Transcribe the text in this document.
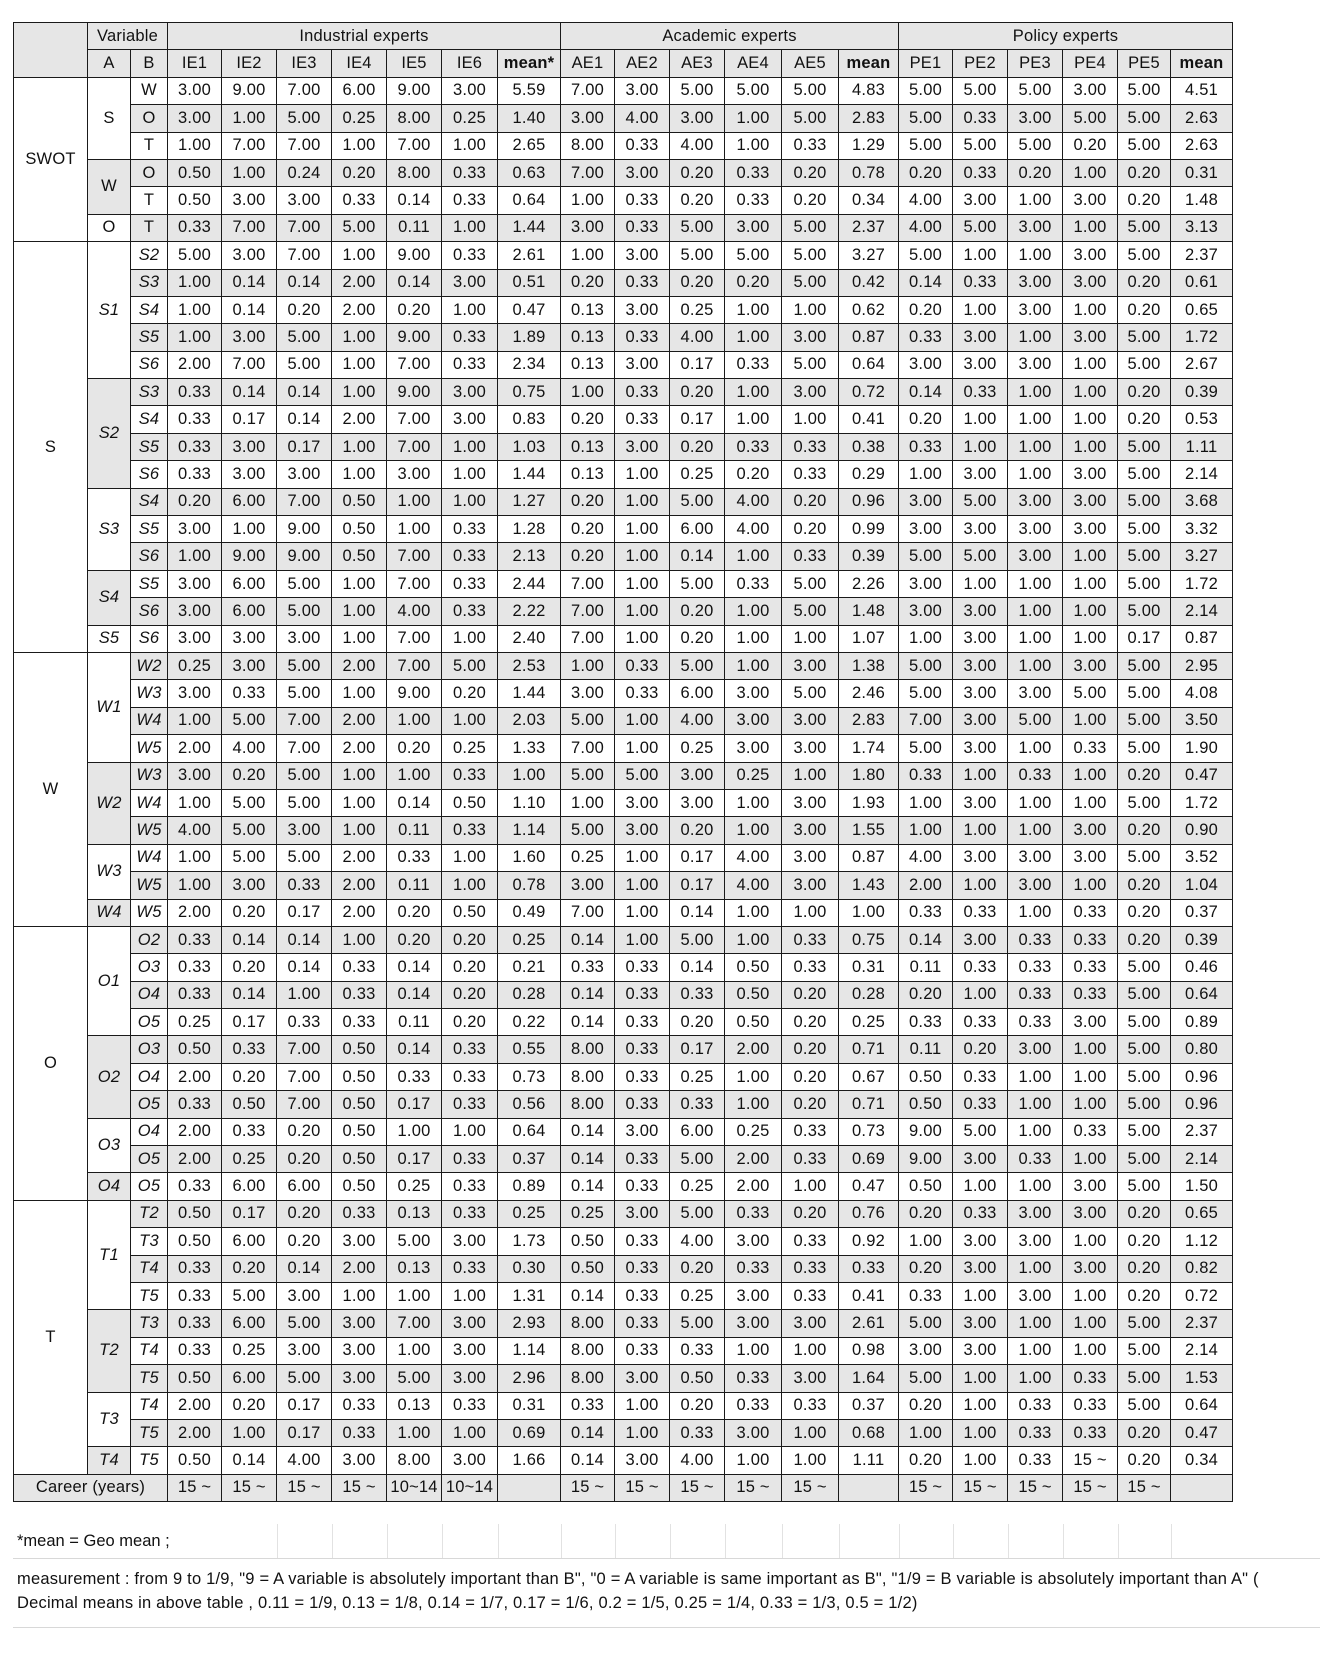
	Variable		Industrial experts							Academic experts						Policy experts					
	A	B	IE1	IE2	IE3	IE4	IE5	IE6	mean*	AE1	AE2	AE3	AE4	AE5	mean	PE1	PE2	PE3	PE4	PE5	mean
SWOT	S	W	3.00	9.00	7.00	6.00	9.00	3.00	5.59	7.00	3.00	5.00	5.00	5.00	4.83	5.00	5.00	5.00	3.00	5.00	4.51
		O	3.00	1.00	5.00	0.25	8.00	0.25	1.40	3.00	4.00	3.00	1.00	5.00	2.83	5.00	0.33	3.00	5.00	5.00	2.63
		T	1.00	7.00	7.00	1.00	7.00	1.00	2.65	8.00	0.33	4.00	1.00	0.33	1.29	5.00	5.00	5.00	0.20	5.00	2.63
	W	O	0.50	1.00	0.24	0.20	8.00	0.33	0.63	7.00	3.00	0.20	0.33	0.20	0.78	0.20	0.33	0.20	1.00	0.20	0.31
		T	0.50	3.00	3.00	0.33	0.14	0.33	0.64	1.00	0.33	0.20	0.33	0.20	0.34	4.00	3.00	1.00	3.00	0.20	1.48
	O	T	0.33	7.00	7.00	5.00	0.11	1.00	1.44	3.00	0.33	5.00	3.00	5.00	2.37	4.00	5.00	3.00	1.00	5.00	3.13
S	S1	S2	5.00	3.00	7.00	1.00	9.00	0.33	2.61	1.00	3.00	5.00	5.00	5.00	3.27	5.00	1.00	1.00	3.00	5.00	2.37
		S3	1.00	0.14	0.14	2.00	0.14	3.00	0.51	0.20	0.33	0.20	0.20	5.00	0.42	0.14	0.33	3.00	3.00	0.20	0.61
		S4	1.00	0.14	0.20	2.00	0.20	1.00	0.47	0.13	3.00	0.25	1.00	1.00	0.62	0.20	1.00	3.00	1.00	0.20	0.65
		S5	1.00	3.00	5.00	1.00	9.00	0.33	1.89	0.13	0.33	4.00	1.00	3.00	0.87	0.33	3.00	1.00	3.00	5.00	1.72
		S6	2.00	7.00	5.00	1.00	7.00	0.33	2.34	0.13	3.00	0.17	0.33	5.00	0.64	3.00	3.00	3.00	1.00	5.00	2.67
	S2	S3	0.33	0.14	0.14	1.00	9.00	3.00	0.75	1.00	0.33	0.20	1.00	3.00	0.72	0.14	0.33	1.00	1.00	0.20	0.39
		S4	0.33	0.17	0.14	2.00	7.00	3.00	0.83	0.20	0.33	0.17	1.00	1.00	0.41	0.20	1.00	1.00	1.00	0.20	0.53
		S5	0.33	3.00	0.17	1.00	7.00	1.00	1.03	0.13	3.00	0.20	0.33	0.33	0.38	0.33	1.00	1.00	1.00	5.00	1.11
		S6	0.33	3.00	3.00	1.00	3.00	1.00	1.44	0.13	1.00	0.25	0.20	0.33	0.29	1.00	3.00	1.00	3.00	5.00	2.14
	S3	S4	0.20	6.00	7.00	0.50	1.00	1.00	1.27	0.20	1.00	5.00	4.00	0.20	0.96	3.00	5.00	3.00	3.00	5.00	3.68
		S5	3.00	1.00	9.00	0.50	1.00	0.33	1.28	0.20	1.00	6.00	4.00	0.20	0.99	3.00	3.00	3.00	3.00	5.00	3.32
		S6	1.00	9.00	9.00	0.50	7.00	0.33	2.13	0.20	1.00	0.14	1.00	0.33	0.39	5.00	5.00	3.00	1.00	5.00	3.27
	S4	S5	3.00	6.00	5.00	1.00	7.00	0.33	2.44	7.00	1.00	5.00	0.33	5.00	2.26	3.00	1.00	1.00	1.00	5.00	1.72
		S6	3.00	6.00	5.00	1.00	4.00	0.33	2.22	7.00	1.00	0.20	1.00	5.00	1.48	3.00	3.00	1.00	1.00	5.00	2.14
	S5	S6	3.00	3.00	3.00	1.00	7.00	1.00	2.40	7.00	1.00	0.20	1.00	1.00	1.07	1.00	3.00	1.00	1.00	0.17	0.87
W	W1	W2	0.25	3.00	5.00	2.00	7.00	5.00	2.53	1.00	0.33	5.00	1.00	3.00	1.38	5.00	3.00	1.00	3.00	5.00	2.95
		W3	3.00	0.33	5.00	1.00	9.00	0.20	1.44	3.00	0.33	6.00	3.00	5.00	2.46	5.00	3.00	3.00	5.00	5.00	4.08
		W4	1.00	5.00	7.00	2.00	1.00	1.00	2.03	5.00	1.00	4.00	3.00	3.00	2.83	7.00	3.00	5.00	1.00	5.00	3.50
		W5	2.00	4.00	7.00	2.00	0.20	0.25	1.33	7.00	1.00	0.25	3.00	3.00	1.74	5.00	3.00	1.00	0.33	5.00	1.90
	W2	W3	3.00	0.20	5.00	1.00	1.00	0.33	1.00	5.00	5.00	3.00	0.25	1.00	1.80	0.33	1.00	0.33	1.00	0.20	0.47
		W4	1.00	5.00	5.00	1.00	0.14	0.50	1.10	1.00	3.00	3.00	1.00	3.00	1.93	1.00	3.00	1.00	1.00	5.00	1.72
		W5	4.00	5.00	3.00	1.00	0.11	0.33	1.14	5.00	3.00	0.20	1.00	3.00	1.55	1.00	1.00	1.00	3.00	0.20	0.90
	W3	W4	1.00	5.00	5.00	2.00	0.33	1.00	1.60	0.25	1.00	0.17	4.00	3.00	0.87	4.00	3.00	3.00	3.00	5.00	3.52
		W5	1.00	3.00	0.33	2.00	0.11	1.00	0.78	3.00	1.00	0.17	4.00	3.00	1.43	2.00	1.00	3.00	1.00	0.20	1.04
	W4	W5	2.00	0.20	0.17	2.00	0.20	0.50	0.49	7.00	1.00	0.14	1.00	1.00	1.00	0.33	0.33	1.00	0.33	0.20	0.37
O	O1	O2	0.33	0.14	0.14	1.00	0.20	0.20	0.25	0.14	1.00	5.00	1.00	0.33	0.75	0.14	3.00	0.33	0.33	0.20	0.39
		O3	0.33	0.20	0.14	0.33	0.14	0.20	0.21	0.33	0.33	0.14	0.50	0.33	0.31	0.11	0.33	0.33	0.33	5.00	0.46
		O4	0.33	0.14	1.00	0.33	0.14	0.20	0.28	0.14	0.33	0.33	0.50	0.20	0.28	0.20	1.00	0.33	0.33	5.00	0.64
		O5	0.25	0.17	0.33	0.33	0.11	0.20	0.22	0.14	0.33	0.20	0.50	0.20	0.25	0.33	0.33	0.33	3.00	5.00	0.89
	O2	O3	0.50	0.33	7.00	0.50	0.14	0.33	0.55	8.00	0.33	0.17	2.00	0.20	0.71	0.11	0.20	3.00	1.00	5.00	0.80
		O4	2.00	0.20	7.00	0.50	0.33	0.33	0.73	8.00	0.33	0.25	1.00	0.20	0.67	0.50	0.33	1.00	1.00	5.00	0.96
		O5	0.33	0.50	7.00	0.50	0.17	0.33	0.56	8.00	0.33	0.33	1.00	0.20	0.71	0.50	0.33	1.00	1.00	5.00	0.96
	O3	O4	2.00	0.33	0.20	0.50	1.00	1.00	0.64	0.14	3.00	6.00	0.25	0.33	0.73	9.00	5.00	1.00	0.33	5.00	2.37
		O5	2.00	0.25	0.20	0.50	0.17	0.33	0.37	0.14	0.33	5.00	2.00	0.33	0.69	9.00	3.00	0.33	1.00	5.00	2.14
	O4	O5	0.33	6.00	6.00	0.50	0.25	0.33	0.89	0.14	0.33	0.25	2.00	1.00	0.47	0.50	1.00	1.00	3.00	5.00	1.50
T	T1	T2	0.50	0.17	0.20	0.33	0.13	0.33	0.25	0.25	3.00	5.00	0.33	0.20	0.76	0.20	0.33	3.00	3.00	0.20	0.65
		T3	0.50	6.00	0.20	3.00	5.00	3.00	1.73	0.50	0.33	4.00	3.00	0.33	0.92	1.00	3.00	3.00	1.00	0.20	1.12
		T4	0.33	0.20	0.14	2.00	0.13	0.33	0.30	0.50	0.33	0.20	0.33	0.33	0.33	0.20	3.00	1.00	3.00	0.20	0.82
		T5	0.33	5.00	3.00	1.00	1.00	1.00	1.31	0.14	0.33	0.25	3.00	0.33	0.41	0.33	1.00	3.00	1.00	0.20	0.72
	T2	T3	0.33	6.00	5.00	3.00	7.00	3.00	2.93	8.00	0.33	5.00	3.00	3.00	2.61	5.00	3.00	1.00	1.00	5.00	2.37
		T4	0.33	0.25	3.00	3.00	1.00	3.00	1.14	8.00	0.33	0.33	1.00	1.00	0.98	3.00	3.00	1.00	1.00	5.00	2.14
		T5	0.50	6.00	5.00	3.00	5.00	3.00	2.96	8.00	3.00	0.50	0.33	3.00	1.64	5.00	1.00	1.00	0.33	5.00	1.53
	T3	T4	2.00	0.20	0.17	0.33	0.13	0.33	0.31	0.33	1.00	0.20	0.33	0.33	0.37	0.20	1.00	0.33	0.33	5.00	0.64
		T5	2.00	1.00	0.17	0.33	1.00	1.00	0.69	0.14	1.00	0.33	3.00	1.00	0.68	1.00	1.00	0.33	0.33	0.20	0.47
	T4	T5	0.50	0.14	4.00	3.00	8.00	3.00	1.66	0.14	3.00	4.00	1.00	1.00	1.11	0.20	1.00	0.33	15 ~	0.20	0.34
Career (years)			15 ~	15 ~	15 ~	15 ~	10~14	10~14		15 ~	15 ~	15 ~	15 ~	15 ~		15 ~	15 ~	15 ~	15 ~	15 ~	
*mean = Geo mean ;
measurement : from 9 to 1/9, "9 = A variable is absolutely important than B", "0 = A variable is same important as B", "1/9 = B variable is absolutely important than A" ( Decimal means in above table , 0.11 = 1/9, 0.13 = 1/8, 0.14 = 1/7, 0.17 = 1/6, 0.2 = 1/5, 0.25 = 1/4, 0.33 = 1/3, 0.5 = 1/2)
